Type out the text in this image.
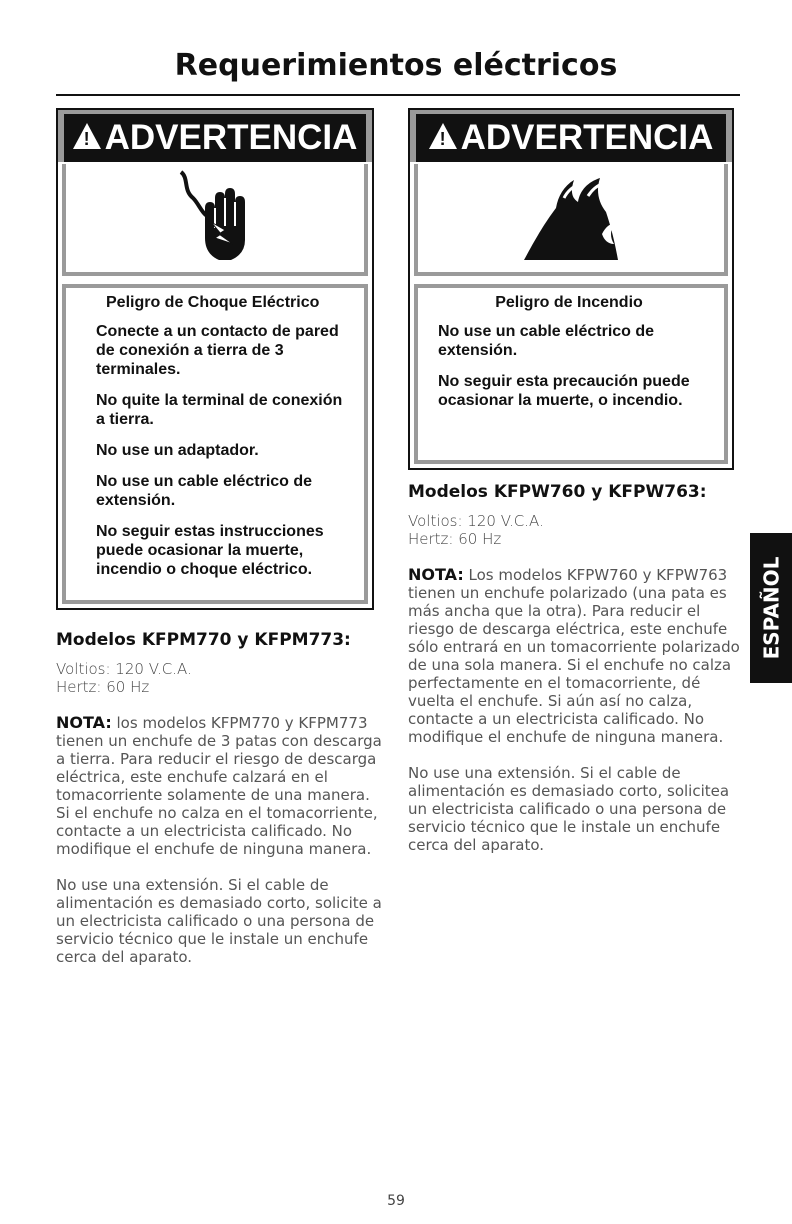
Requerimientos eléctricos
! ADVERTENCIA

Peligro de Choque Eléctrico

Conecte a un contacto de pared de conexión a tierra de 3 terminales.

No quite la terminal de conexión a tierra.

No use un adaptador.

No use un cable eléctrico de extensión.

No seguir estas instrucciones puede ocasionar la muerte, incendio o choque eléctrico.

! ADVERTENCIA

Peligro de Incendio

No use un cable eléctrico de extensión.

No seguir esta precaución puede ocasionar la muerte, o incendio.

Modelos KFPM770 y KFPM773:

Voltios: 120 V.C.A.
Hertz: 60 Hz

NOTA: los modelos KFPM770 y KFPM773 tienen un enchufe de 3 patas con descarga a tierra. Para reducir el riesgo de descarga eléctrica, este enchufe calzará en el tomacorriente solamente de una manera. Si el enchufe no calza en el tomacorriente, contacte a un electricista calificado. No modifique el enchufe de ninguna manera.

No use una extensión. Si el cable de alimentación es demasiado corto, solicite a un electricista calificado o una persona de servicio técnico que le instale un enchufe cerca del aparato.

Modelos KFPW760 y KFPW763:

Voltios: 120 V.C.A.
Hertz: 60 Hz

NOTA: Los modelos KFPW760 y KFPW763 tienen un enchufe polarizado (una pata es más ancha que la otra). Para reducir el riesgo de descarga eléctrica, este enchufe sólo entrará en un tomacorriente polarizado de una sola manera. Si el enchufe no calza perfectamente en el tomacorriente, dé vuelta el enchufe. Si aún así no calza, contacte a un electricista calificado. No modifique el enchufe de ninguna manera.

No use una extensión. Si el cable de alimentación es demasiado corto, solicitea un electricista calificado o una persona de servicio técnico que le instale un enchufe cerca del aparato.

ESPAÑOL
59
